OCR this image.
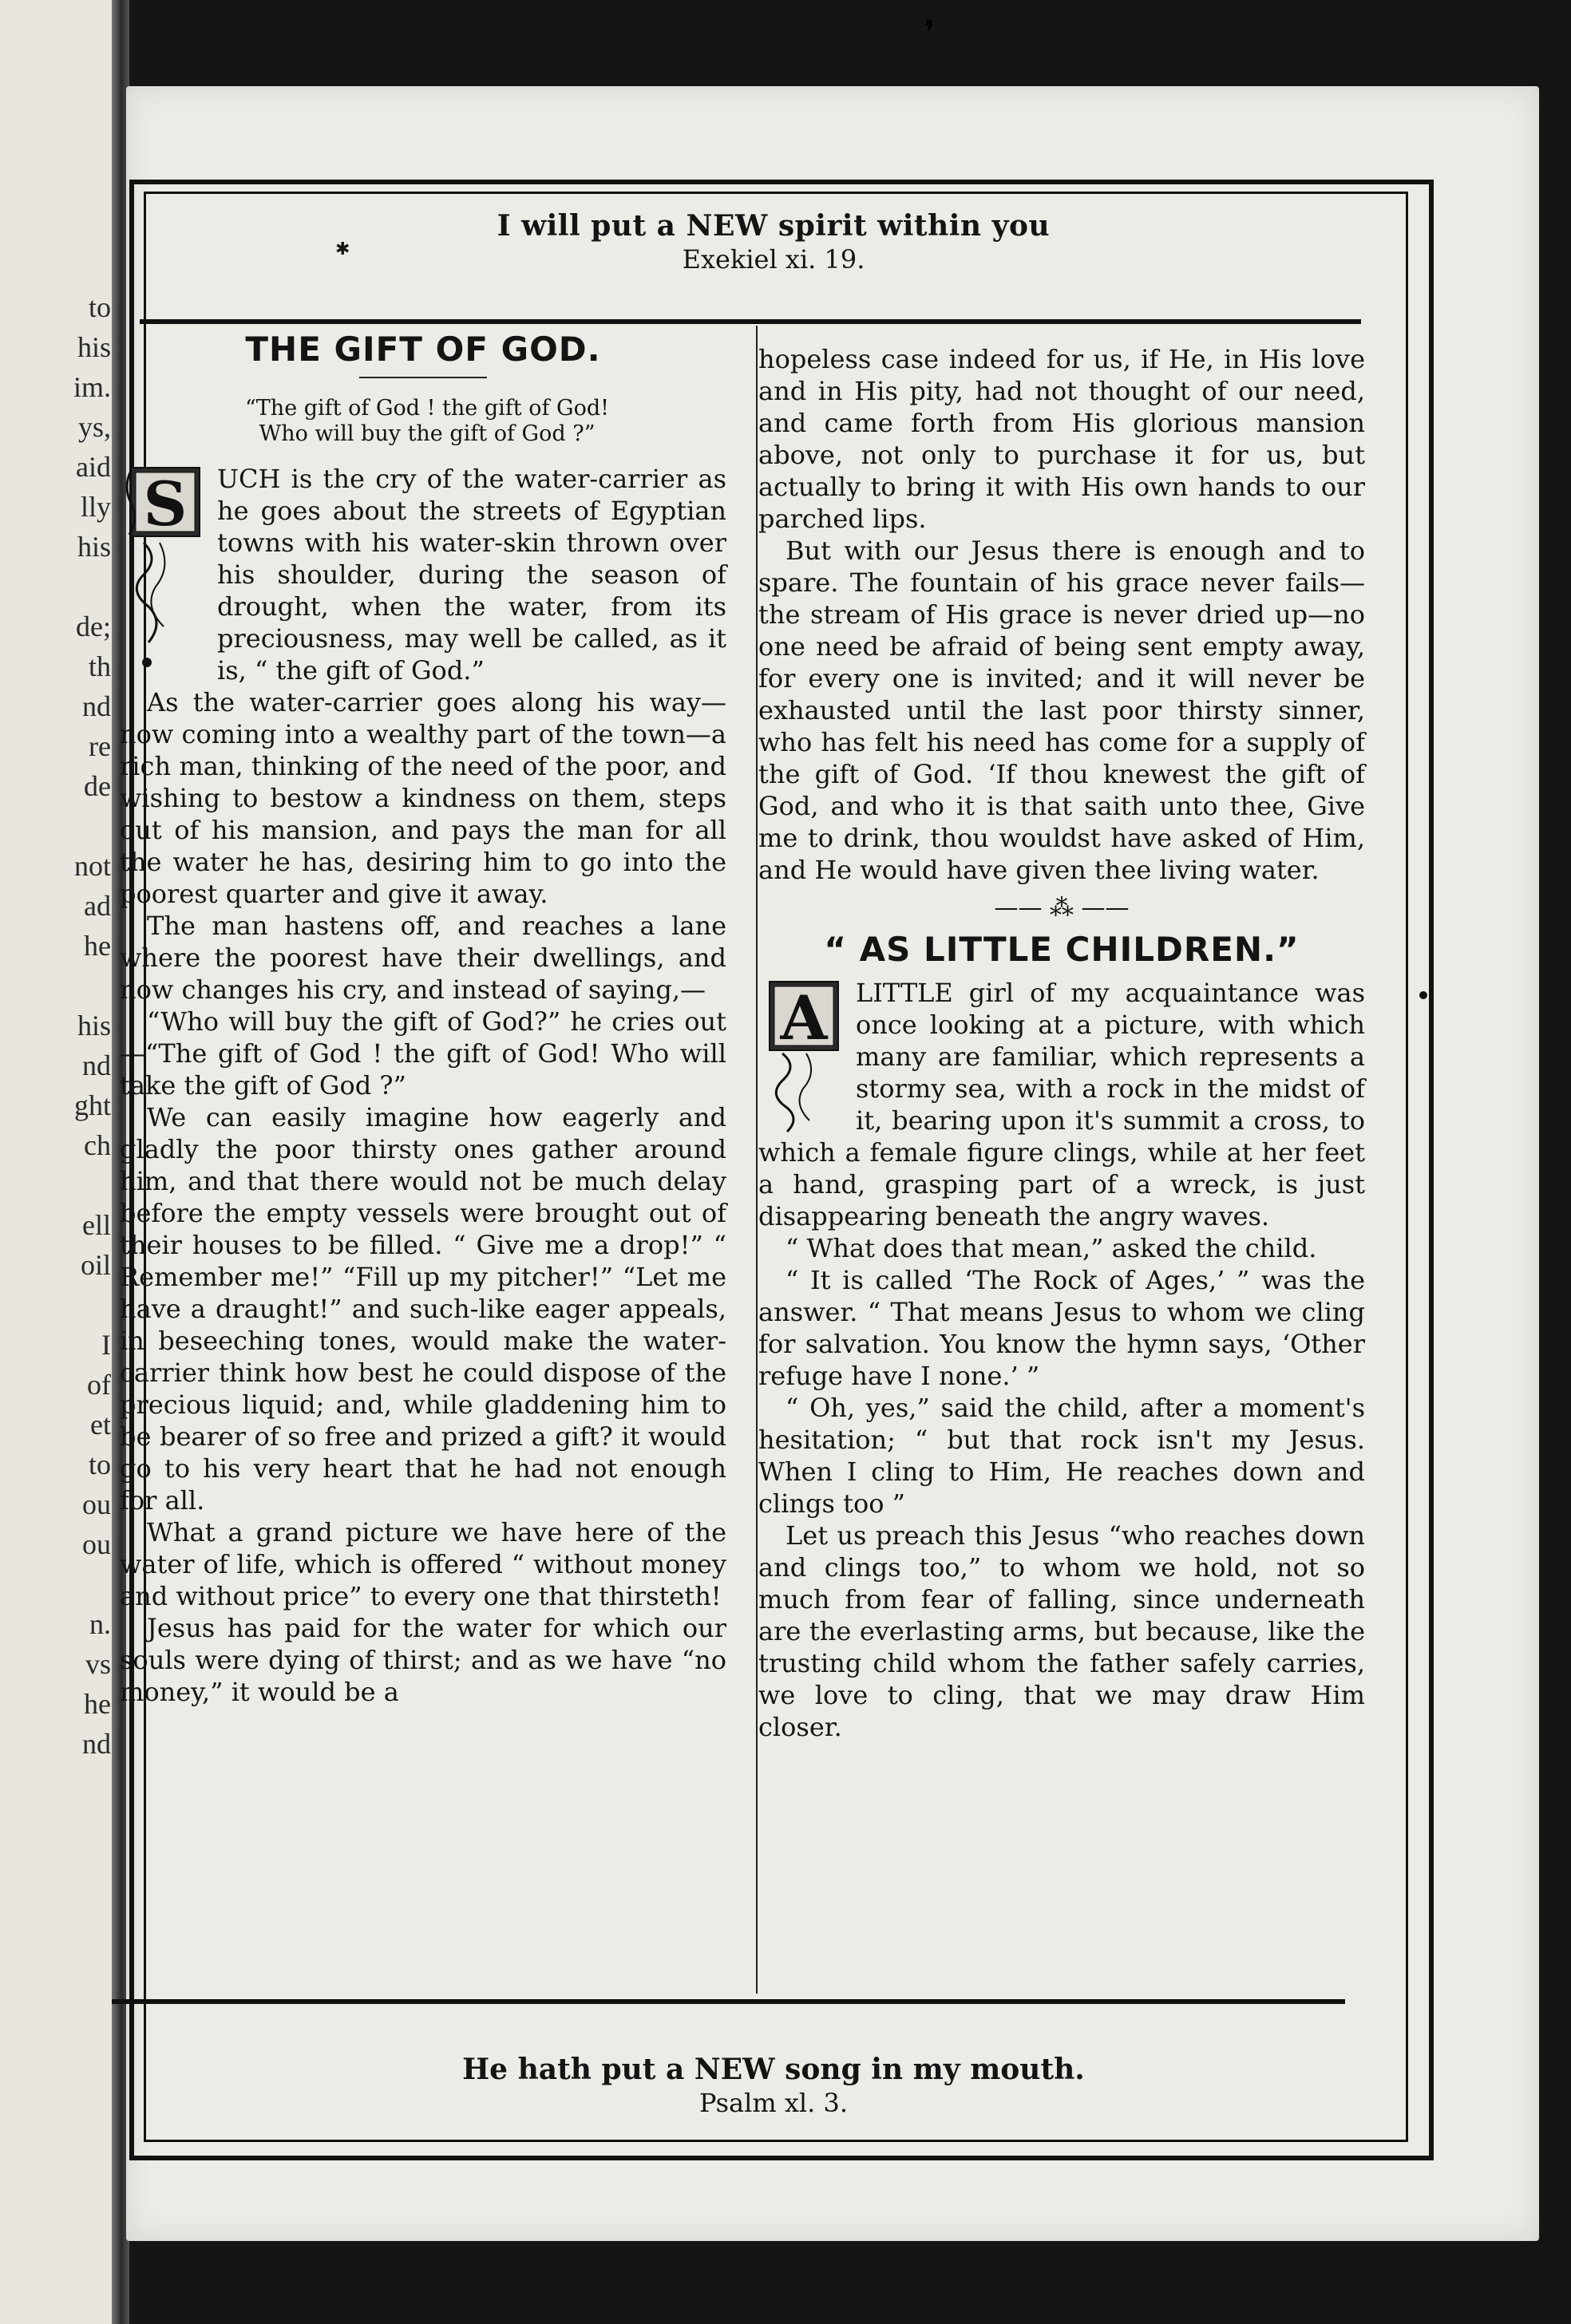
to
his
im.
ys,
aid
lly
his

de;
th
nd
re
de

not
ad
he

his
nd
ght
ch

ell
oil

I
of
et
to
ou
ou

n.
vs
he
nd
❜
✱
I will put a NEW spirit within you
Exekiel xi. 19.
THE GIFT OF GOD.
“The gift of God ! the gift of God!
Who will buy the gift of God ?”
S	UCH is the cry of the water-carrier as he goes about the streets of Egyptian towns with his water-skin thrown over his shoulder, during the season of drought, when the water, from its preciousness, may well be called, as it is, “ the gift of God.”

As the water-carrier goes along his way—now coming into a wealthy part of the town—a rich man, thinking of the need of the poor, and wishing to bestow a kindness on them, steps out of his mansion, and pays the man for all the water he has, desiring him to go into the poorest quarter and give it away.

The man hastens off, and reaches a lane where the poorest have their dwellings, and now changes his cry, and instead of saying,—

“Who will buy the gift of God?” he cries out—“The gift of God ! the gift of God! Who will take the gift of God ?”

We can easily imagine how eagerly and gladly the poor thirsty ones gather around him, and that there would not be much delay before the empty vessels were brought out of their houses to be filled. “ Give me a drop!” “ Remember me!” “Fill up my pitcher!” “Let me have a draught!” and such-like eager appeals, in beseeching tones, would make the water-carrier think how best he could dispose of the precious liquid; and, while gladdening him to be bearer of so free and prized a gift? it would go to his very heart that he had not enough for all.

What a grand picture we have here of the water of life, which is offered “ without money and without price” to every one that thirsteth!

Jesus has paid for the water for which our souls were dying of thirst; and as we have “no money,” it would be a

hopeless case indeed for us, if He, in His love and in His pity, had not thought of our need, and came forth from His glorious mansion above, not only to purchase it for us, but actually to bring it with His own hands to our parched lips.

But with our Jesus there is enough and to spare. The fountain of his grace never fails—the stream of His grace is never dried up—no one need be afraid of being sent empty away, for every one is invited; and it will never be exhausted until the last poor thirsty sinner, who has felt his need has come for a supply of the gift of God. ‘If thou knewest the gift of God, and who it is that saith unto thee, Give me to drink, thou wouldst have asked of Him, and He would have given thee living water.

—— ⁂ ——
“ AS LITTLE CHILDREN.”
A	LITTLE girl of my acquaintance was once looking at a picture, with which many are familiar, which represents a stormy sea, with a rock in the midst of it, bearing upon it's summit a cross, to which a female figure clings, while at her feet a hand, grasping part of a wreck, is just disappearing beneath the angry waves.

“ What does that mean,” asked the child.

“ It is called ‘The Rock of Ages,’ ” was the answer. “ That means Jesus to whom we cling for salvation. You know the hymn says, ‘Other refuge have I none.’ ”

“ Oh, yes,” said the child, after a moment's hesitation; “ but that rock isn't my Jesus. When I cling to Him, He reaches down and clings too ”

Let us preach this Jesus “who reaches down and clings too,” to whom we hold, not so much from fear of falling, since underneath are the everlasting arms, but because, like the trusting child whom the father safely carries, we love to cling, that we may draw Him closer.

He hath put a NEW song in my mouth.
Psalm xl. 3.
